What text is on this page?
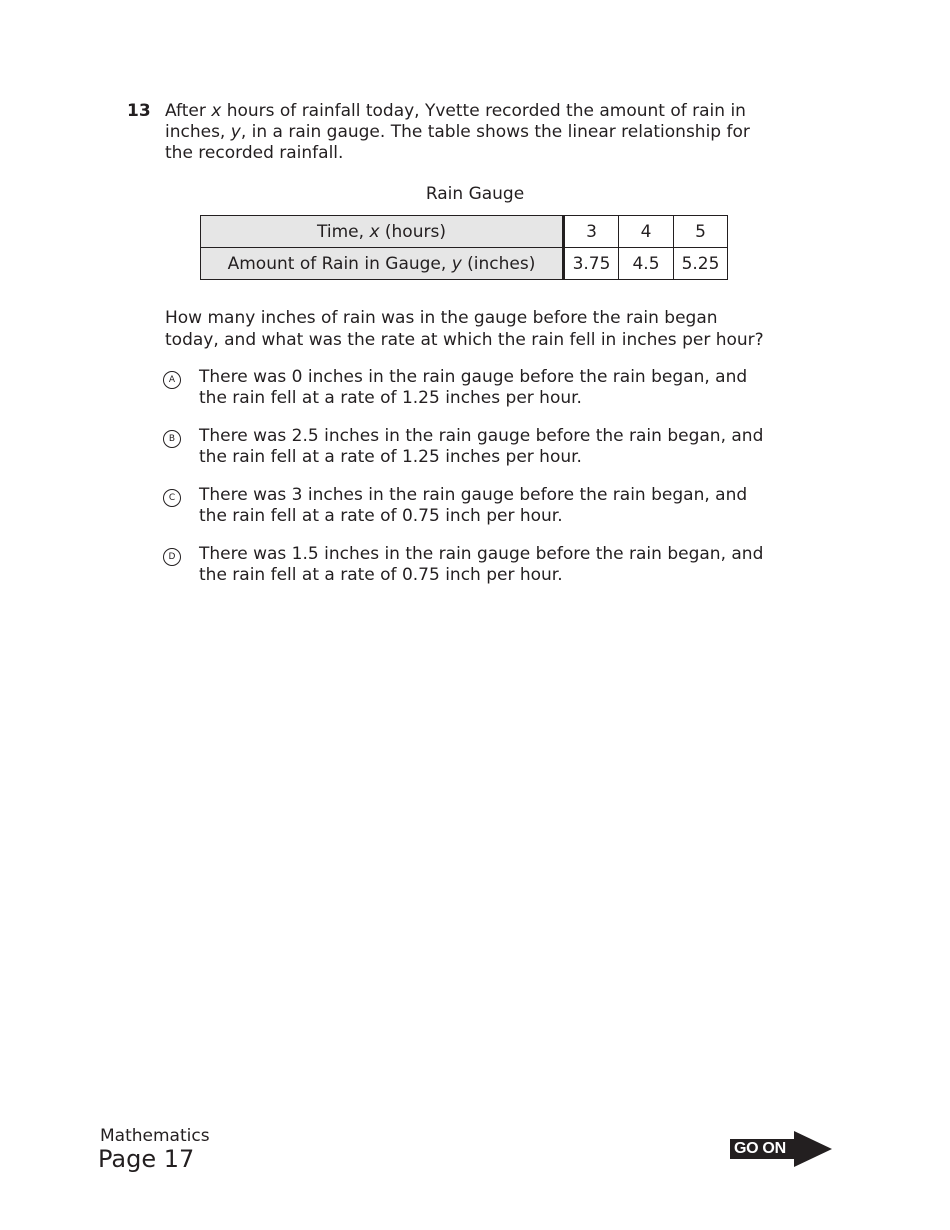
13 After x hours of rainfall today, Yvette recorded the amount of rain in

inches, y, in a rain gauge. The table shows the linear relationship for

the recorded rainfall.

Rain Gauge
Time, x (hours)	3	4	5
Amount of Rain in Gauge, y (inches)	3.75	4.5	5.25

How many inches of rain was in the gauge before the rain began

today, and what was the rate at which the rain fell in inches per hour?

A	There was 0 inches in the rain gauge before the rain began, and

the rain fell at a rate of 1.25 inches per hour.

B	There was 2.5 inches in the rain gauge before the rain began, and

the rain fell at a rate of 1.25 inches per hour.

C	There was 3 inches in the rain gauge before the rain began, and

the rain fell at a rate of 0.75 inch per hour.

D	There was 1.5 inches in the rain gauge before the rain began, and

the rain fell at a rate of 0.75 inch per hour.

Mathematics
Page 17	GO ON
